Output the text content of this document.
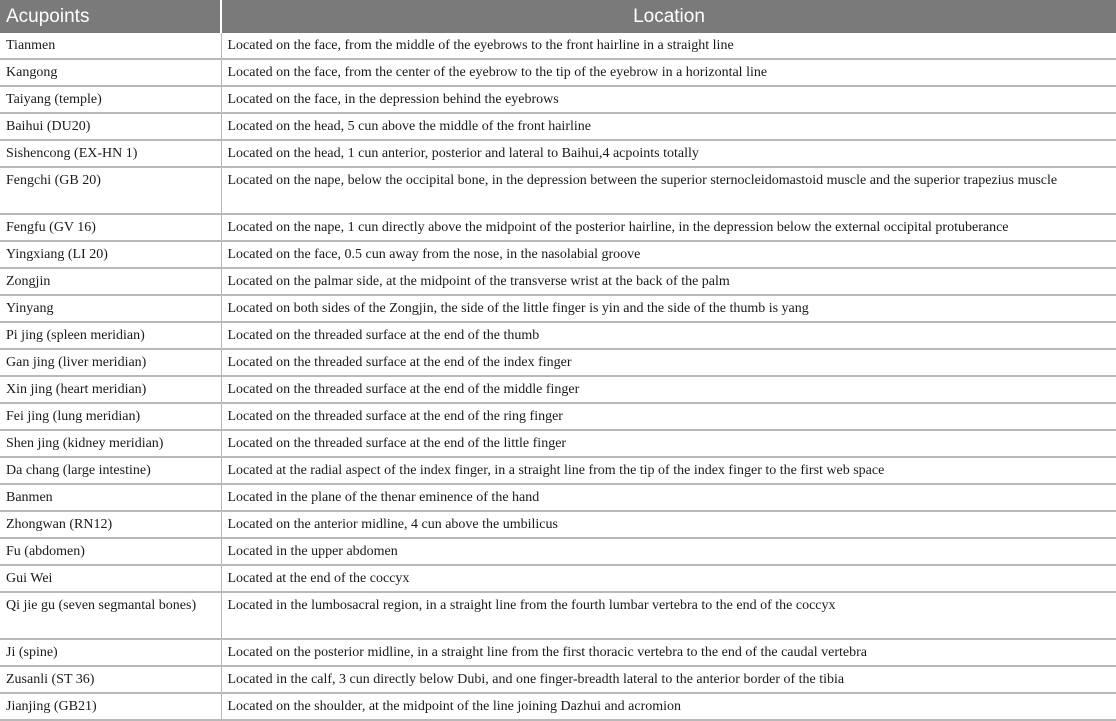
Acupoints	Location
Tianmen	Located on the face, from the middle of the eyebrows to the front hairline in a straight line
Kangong	Located on the face, from the center of the eyebrow to the tip of the eyebrow in a horizontal line
Taiyang (temple)	Located on the face, in the depression behind the eyebrows
Baihui (DU20)	Located on the head, 5 cun above the middle of the front hairline
Sishencong (EX-HN 1)	Located on the head, 1 cun anterior, posterior and lateral to Baihui,4 acpoints totally
Fengchi (GB 20)	Located on the nape, below the occipital bone, in the depression between the superior sternocleidomastoid muscle and the superior trapezius muscle
Fengfu (GV 16)	Located on the nape, 1 cun directly above the midpoint of the posterior hairline, in the depression below the external occipital protuberance
Yingxiang (LI 20)	Located on the face, 0.5 cun away from the nose, in the nasolabial groove
Zongjin	Located on the palmar side, at the midpoint of the transverse wrist at the back of the palm
Yinyang	Located on both sides of the Zongjin, the side of the little finger is yin and the side of the thumb is yang
Pi jing (spleen meridian)	Located on the threaded surface at the end of the thumb
Gan jing (liver meridian)	Located on the threaded surface at the end of the index finger
Xin jing (heart meridian)	Located on the threaded surface at the end of the middle finger
Fei jing (lung meridian)	Located on the threaded surface at the end of the ring finger
Shen jing (kidney meridian)	Located on the threaded surface at the end of the little finger
Da chang (large intestine)	Located at the radial aspect of the index finger, in a straight line from the tip of the index finger to the first web space
Banmen	Located in the plane of the thenar eminence of the hand
Zhongwan (RN12)	Located on the anterior midline, 4 cun above the umbilicus
Fu (abdomen)	Located in the upper abdomen
Gui Wei	Located at the end of the coccyx
Qi jie gu (seven segmantal bones)	Located in the lumbosacral region, in a straight line from the fourth lumbar vertebra to the end of the coccyx
Ji (spine)	Located on the posterior midline, in a straight line from the first thoracic vertebra to the end of the caudal vertebra
Zusanli (ST 36)	Located in the calf, 3 cun directly below Dubi, and one finger-breadth lateral to the anterior border of the tibia
Jianjing (GB21)	Located on the shoulder, at the midpoint of the line joining Dazhui and acromion
